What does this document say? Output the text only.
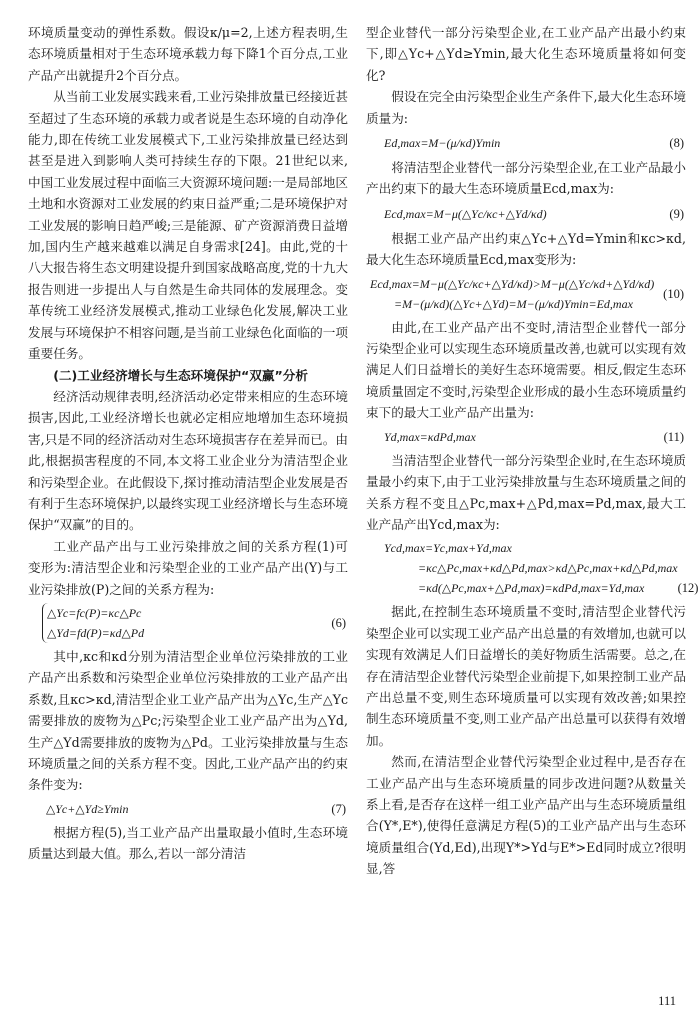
环境质量变动的弹性系数。假设κ/μ=2,上述方程表明,生态环境质量相对于生态环境承载力每下降1个百分点,工业产品产出就提升2个百分点。

从当前工业发展实践来看,工业污染排放量已经接近甚至超过了生态环境的承载力或者说是生态环境的自动净化能力,即在传统工业发展模式下,工业污染排放量已经达到甚至是进入到影响人类可持续生存的下限。21世纪以来,中国工业发展过程中面临三大资源环境问题:一是局部地区土地和水资源对工业发展的约束日益严重;二是环境保护对工业发展的影响日趋严峻;三是能源、矿产资源消费日益增加,国内生产越来越难以满足自身需求[24]。由此,党的十八大报告将生态文明建设提升到国家战略高度,党的十九大报告则进一步提出人与自然是生命共同体的发展理念。变革传统工业经济发展模式,推动工业绿色化发展,解决工业发展与环境保护不相容问题,是当前工业绿色化面临的一项重要任务。

(二)工业经济增长与生态环境保护“双赢”分析

经济活动规律表明,经济活动必定带来相应的生态环境损害,因此,工业经济增长也就必定相应地增加生态环境损害,只是不同的经济活动对生态环境损害存在差异而已。由此,根据损害程度的不同,本文将工业企业分为清洁型企业和污染型企业。在此假设下,探讨推动清洁型企业发展是否有利于生态环境保护,以最终实现工业经济增长与生态环境保护“双赢”的目的。

工业产品产出与工业污染排放之间的关系方程(1)可变形为:清洁型企业和污染型企业的工业产品产出(Y)与工业污染排放(P)之间的关系方程为:

△Yc=fc(P)=κc△Pc
△Yd=fd(P)=κd△Pd
(6)

其中,κc和κd分别为清洁型企业单位污染排放的工业产品产出系数和污染型企业单位污染排放的工业产品产出系数,且κc>κd,清洁型企业工业产品产出为△Yc,生产△Yc需要排放的废物为△Pc;污染型企业工业产品产出为△Yd,生产△Yd需要排放的废物为△Pd。工业污染排放量与生态环境质量之间的关系方程不变。因此,工业产品产出的约束条件变为:

△Yc+△Yd≥Ymin	(7)

根据方程(5),当工业产品产出量取最小值时,生态环境质量达到最大值。那么,若以一部分清洁

型企业替代一部分污染型企业,在工业产品产出最小约束下,即△Yc+△Yd≥Ymin,最大化生态环境质量将如何变化?

假设在完全由污染型企业生产条件下,最大化生态环境质量为:

Ed,max=M−(μ/κd)Ymin	(8)

将清洁型企业替代一部分污染型企业,在工业产品最小产出约束下的最大生态环境质量Ecd,max为:

Ecd,max=M−μ(△Yc/κc+△Yd/κd)	(9)

根据工业产品产出约束△Yc+△Yd=Ymin和κc>κd,最大化生态环境质量Ecd,max变形为:

Ecd,max=M−μ(△Yc/κc+△Yd/κd)>M−μ(△Yc/κd+△Yd/κd)
=M−(μ/κd)(△Yc+△Yd)=M−(μ/κd)Ymin=Ed,max
(10)

由此,在工业产品产出不变时,清洁型企业替代一部分污染型企业可以实现生态环境质量改善,也就可以实现有效满足人们日益增长的美好生态环境需要。相反,假定生态环境质量固定不变时,污染型企业形成的最小生态环境质量约束下的最大工业产品产出量为:

Yd,max=κdPd,max	(11)

当清洁型企业替代一部分污染型企业时,在生态环境质量最小约束下,由于工业污染排放量与生态环境质量之间的关系方程不变且△Pc,max+△Pd,max=Pd,max,最大工业产品产出Ycd,max为:

Ycd,max=Yc,max+Yd,max
=κc△Pc,max+κd△Pd,max>κd△Pc,max+κd△Pd,max
=κd(△Pc,max+△Pd,max)=κdPd,max=Yd,max	(12)

据此,在控制生态环境质量不变时,清洁型企业替代污染型企业可以实现工业产品产出总量的有效增加,也就可以实现有效满足人们日益增长的美好物质生活需要。总之,在存在清洁型企业替代污染型企业前提下,如果控制工业产品产出总量不变,则生态环境质量可以实现有效改善;如果控制生态环境质量不变,则工业产品产出总量可以获得有效增加。

然而,在清洁型企业替代污染型企业过程中,是否存在工业产品产出与生态环境质量的同步改进问题?从数量关系上看,是否存在这样一组工业产品产出与生态环境质量组合(Y*,E*),使得任意满足方程(5)的工业产品产出与生态环境质量组合(Yd,Ed),出现Y*>Yd与E*>Ed同时成立?很明显,答

111
